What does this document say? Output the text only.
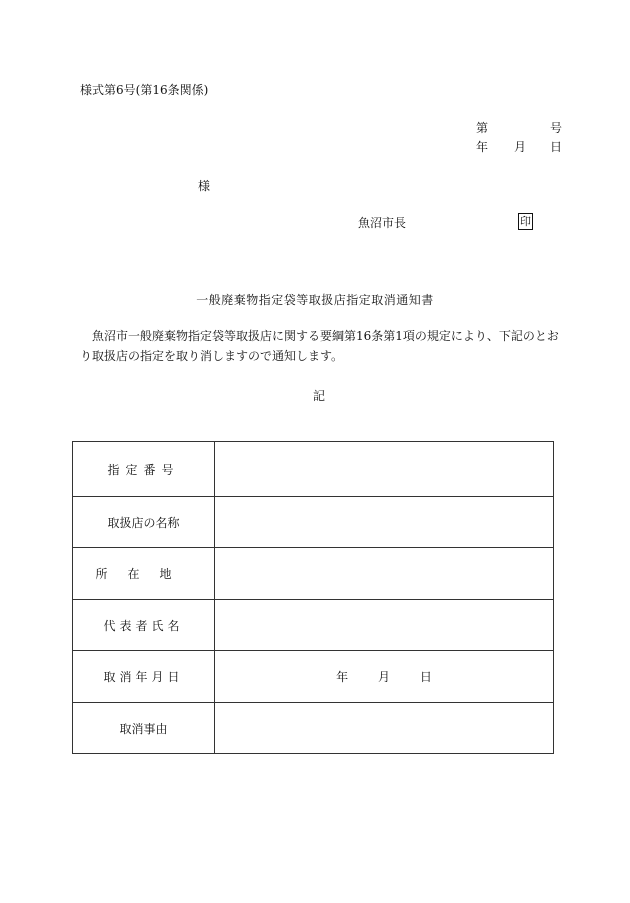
様式第6号(第16条関係)
第	号
年 月 日
様
魚沼市長	印
一般廃棄物指定袋等取扱店指定取消通知書
魚沼市一般廃棄物指定袋等取扱店に関する要綱第16条第1項の規定により、下記のとおり取扱店の指定を取り消しますので通知します。
記
指定番号	
取扱店の名称	
所在地	
代表者氏名	
取消年月日	年 月 日
取消事由	
